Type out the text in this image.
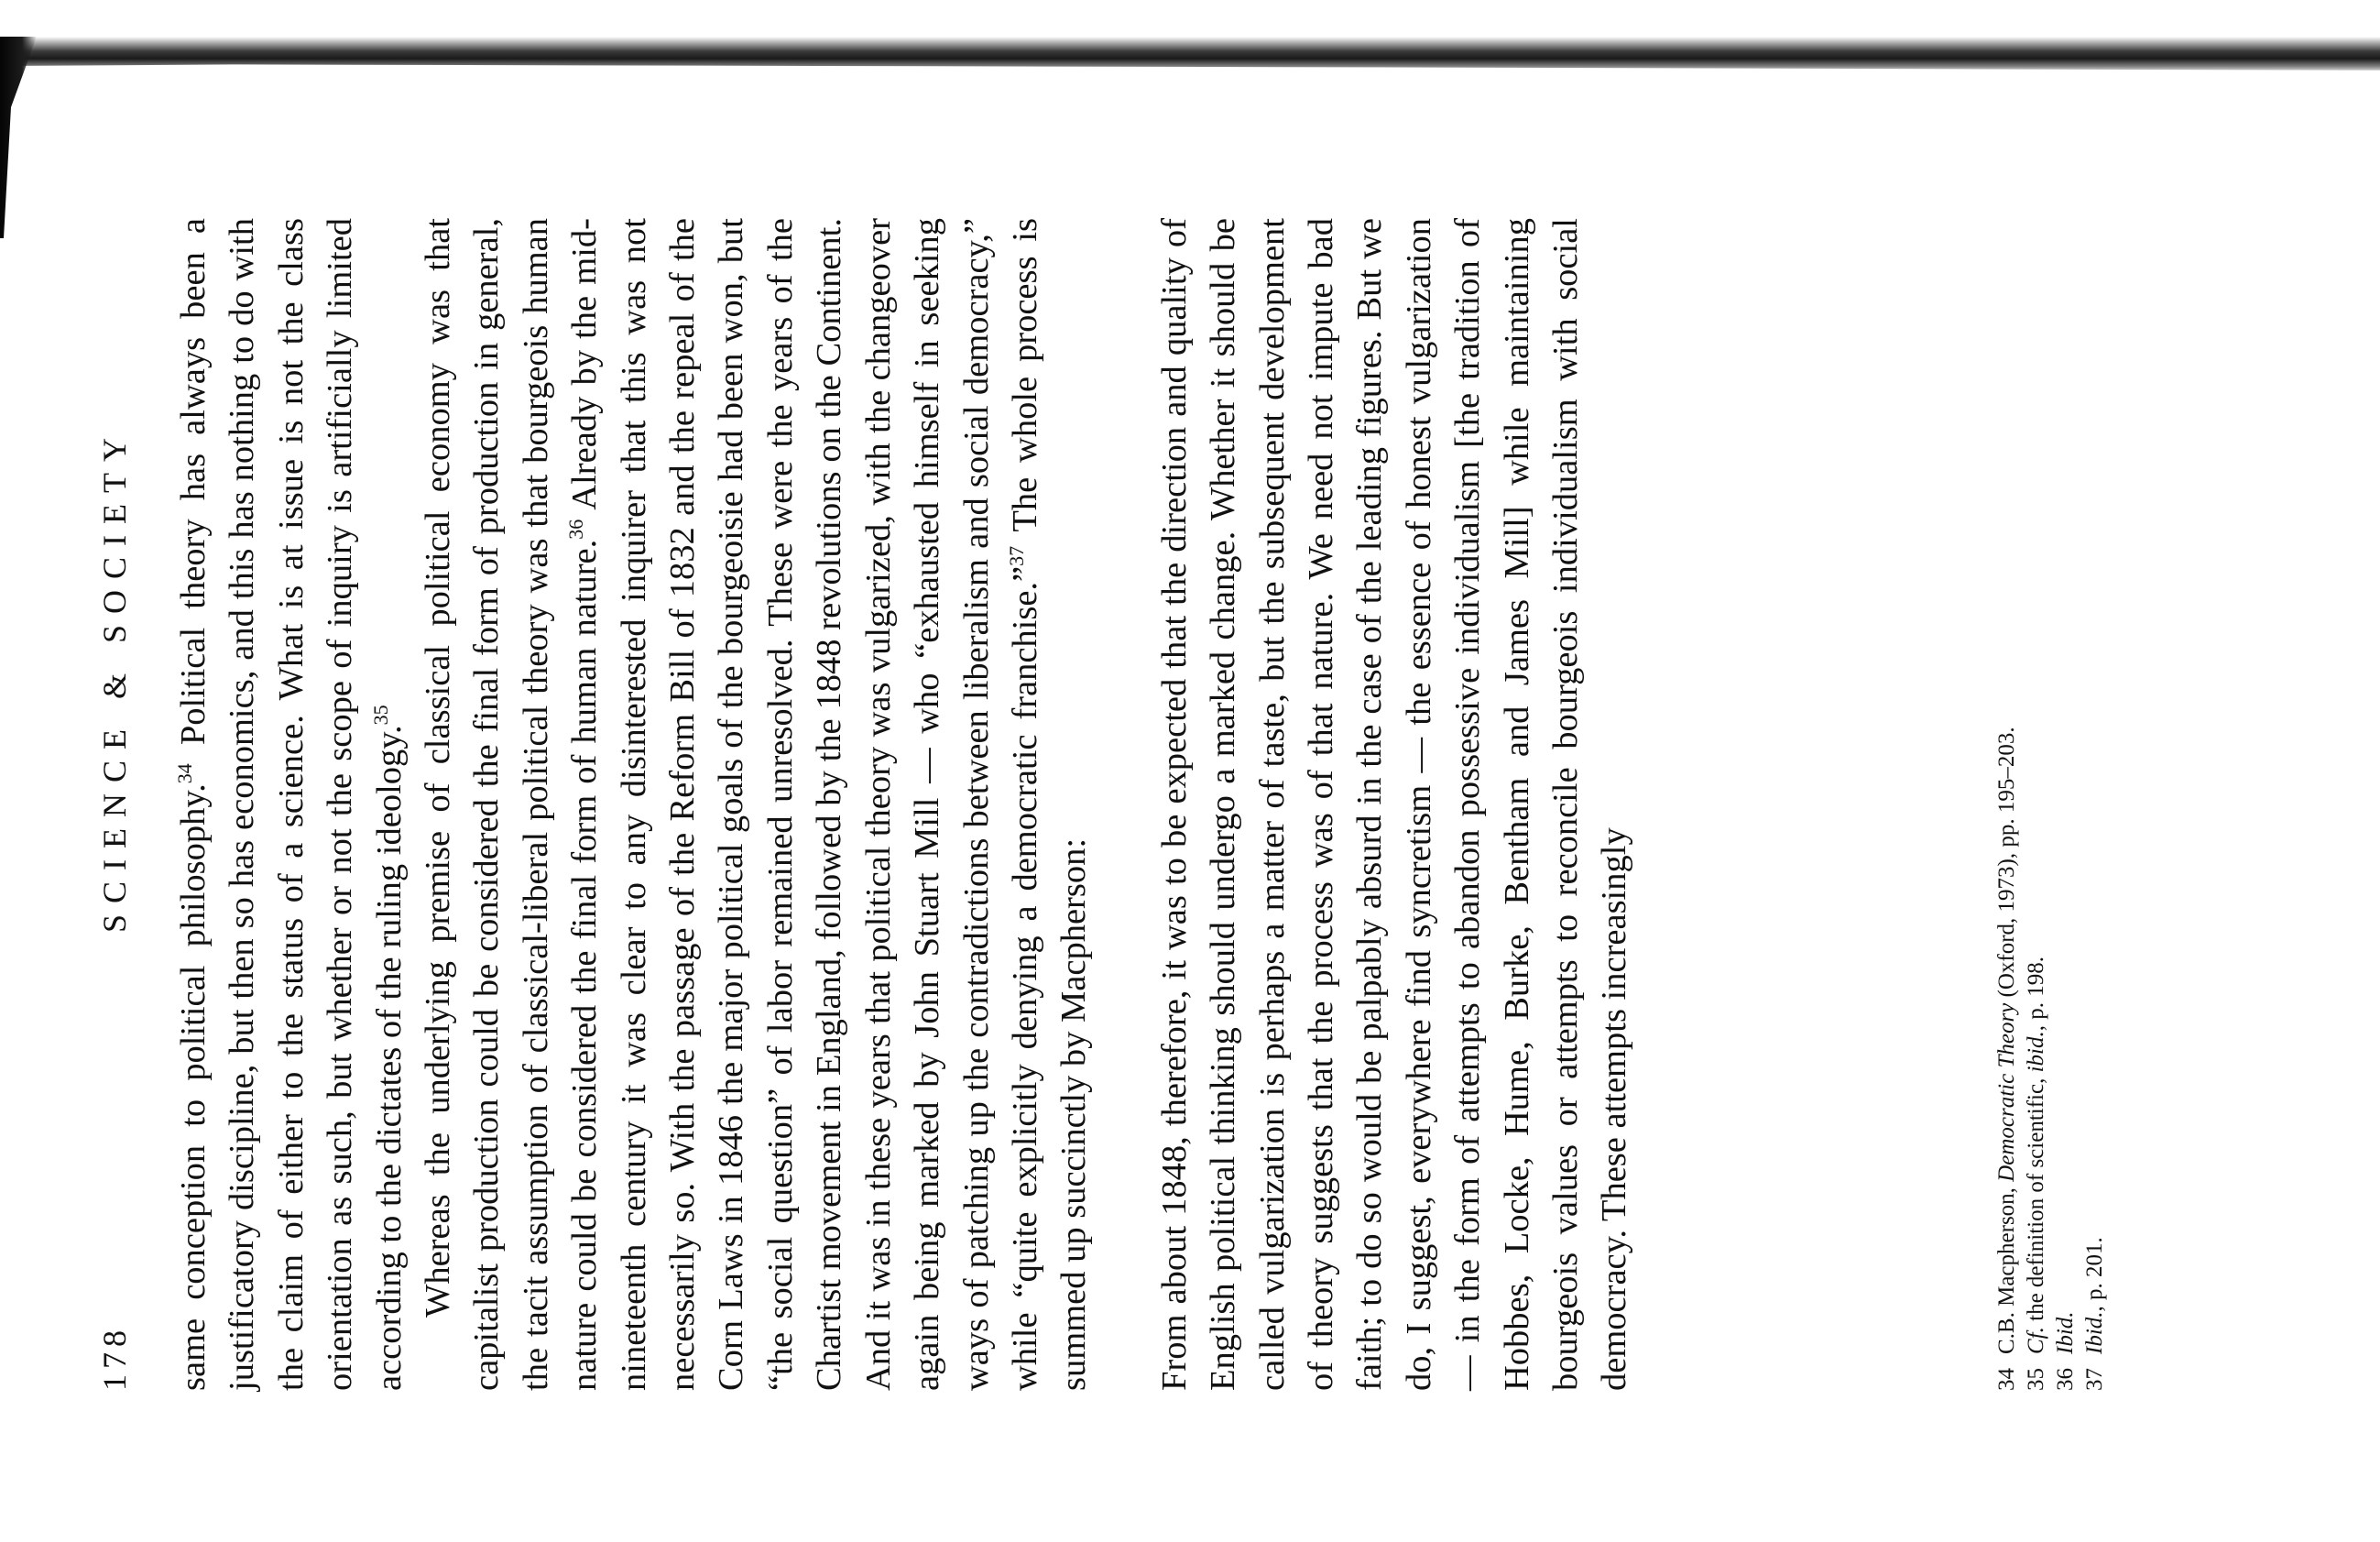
178
SCIENCE & SOCIETY

same conception to political philosophy.$^{34}$ Political theory has always been a justificatory discipline, but then so has economics, and this has nothing to do with the claim of either to the status of a science. What is at issue is not the class orientation as such, but whether or not the scope of inquiry is artificially limited according to the dictates of the ruling ideology.$^{35}$ Whereas the underlying premise of classical political economy was that capitalist production could be considered the final form of production in general, the tacit assumption of classical-liberal political theory was that bourgeois human nature could be considered the final form of human nature.$^{36}$ Already by the mid-nineteenth century it was clear to any disinterested inquirer that this was not necessarily so. With the passage of the Reform Bill of 1832 and the repeal of the Corn Laws in 1846 the major political goals of the bourgeoisie had been won, but “the social question” of labor remained unresolved. These were the years of the Chartist movement in England, followed by the 1848 revolutions on the Continent. And it was in these years that political theory was vulgarized, with the changeover again being marked by John Stuart Mill — who “exhausted himself in seeking ways of patching up the contradictions between liberalism and social democracy,” while “quite explicitly denying a democratic franchise.”$^{37}$ The whole process is summed up succinctly by Macpherson: From about 1848, therefore, it was to be expected that the direction and quality of English political thinking should undergo a marked change. Whether it should be called vulgarization is perhaps a matter of taste, but the subsequent development of theory suggests that the process was of that nature. We need not impute bad faith; to do so would be palpably absurd in the case of the leading figures. But we do, I suggest, everywhere find syncretism — the essence of honest vulgarization — in the form of attempts to abandon possessive individualism [the tradition of Hobbes, Locke, Hume, Burke, Bentham and James Mill] while maintaining bourgeois values or attempts to reconcile bourgeois individualism with social democracy. These attempts increasingly	34C.B. Macpherson, Democratic Theory (Oxford, 1973), pp. 195–203.
35Cf. the definition of scientific, ibid., p. 198.
36Ibid.
37Ibid., p. 201.
